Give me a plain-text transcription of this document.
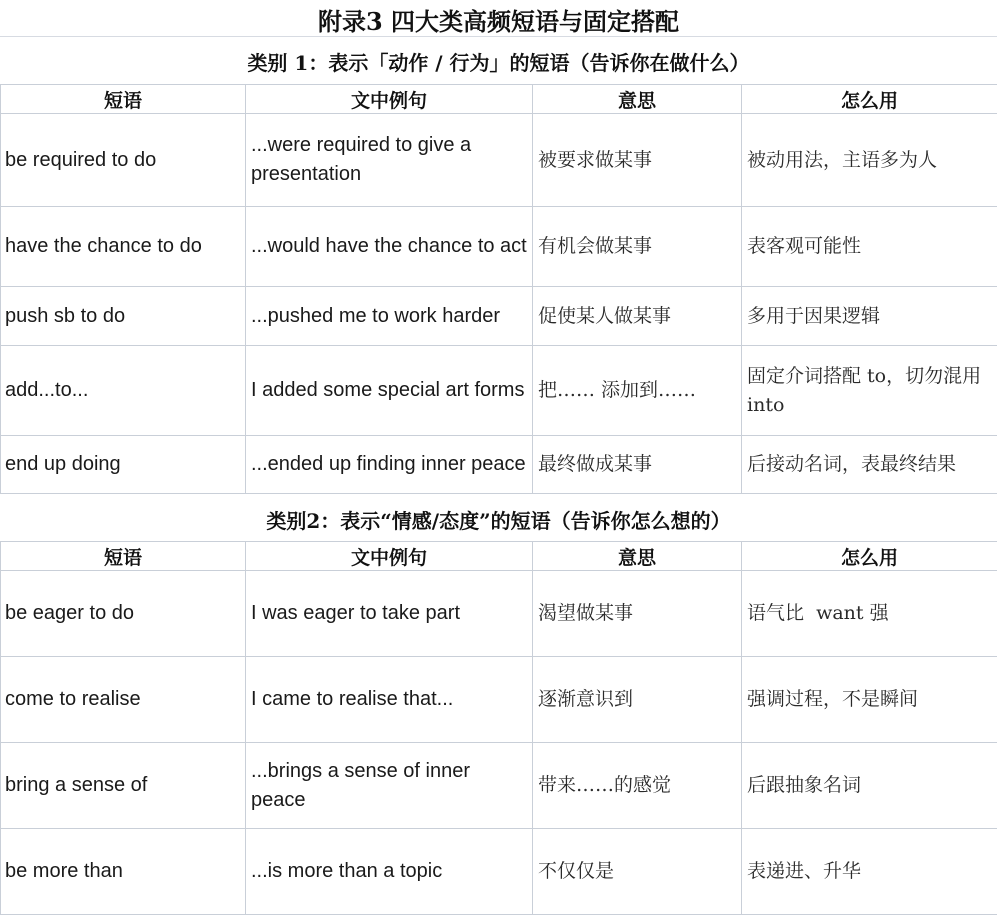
附录3 四大类高频短语与固定搭配
类别 1：表示「动作 / 行为」的短语（告诉你在做什么）
短语	文中例句	意思	怎么用
be required to do	...were required to give a presentation	被要求做某事	被动用法，主语多为人
have the chance to do	...would have the chance to act	有机会做某事	表客观可能性
push sb to do	...pushed me to work harder	促使某人做某事	多用于因果逻辑
add...to...	I added some special art forms	把…… 添加到……	固定介词搭配 to，切勿混用 into
end up doing	...ended up finding inner peace	最终做成某事	后接动名词，表最终结果
类别2：表示“情感/态度”的短语（告诉你怎么想的）
短语	文中例句	意思	怎么用
be eager to do	I was eager to take part	渴望做某事	语气比  want 强
come to realise	I came to realise that...	逐渐意识到	强调过程，不是瞬间
bring a sense of	...brings a sense of inner peace	带来……的感觉	后跟抽象名词
be more than	...is more than a topic	不仅仅是	表递进、升华
